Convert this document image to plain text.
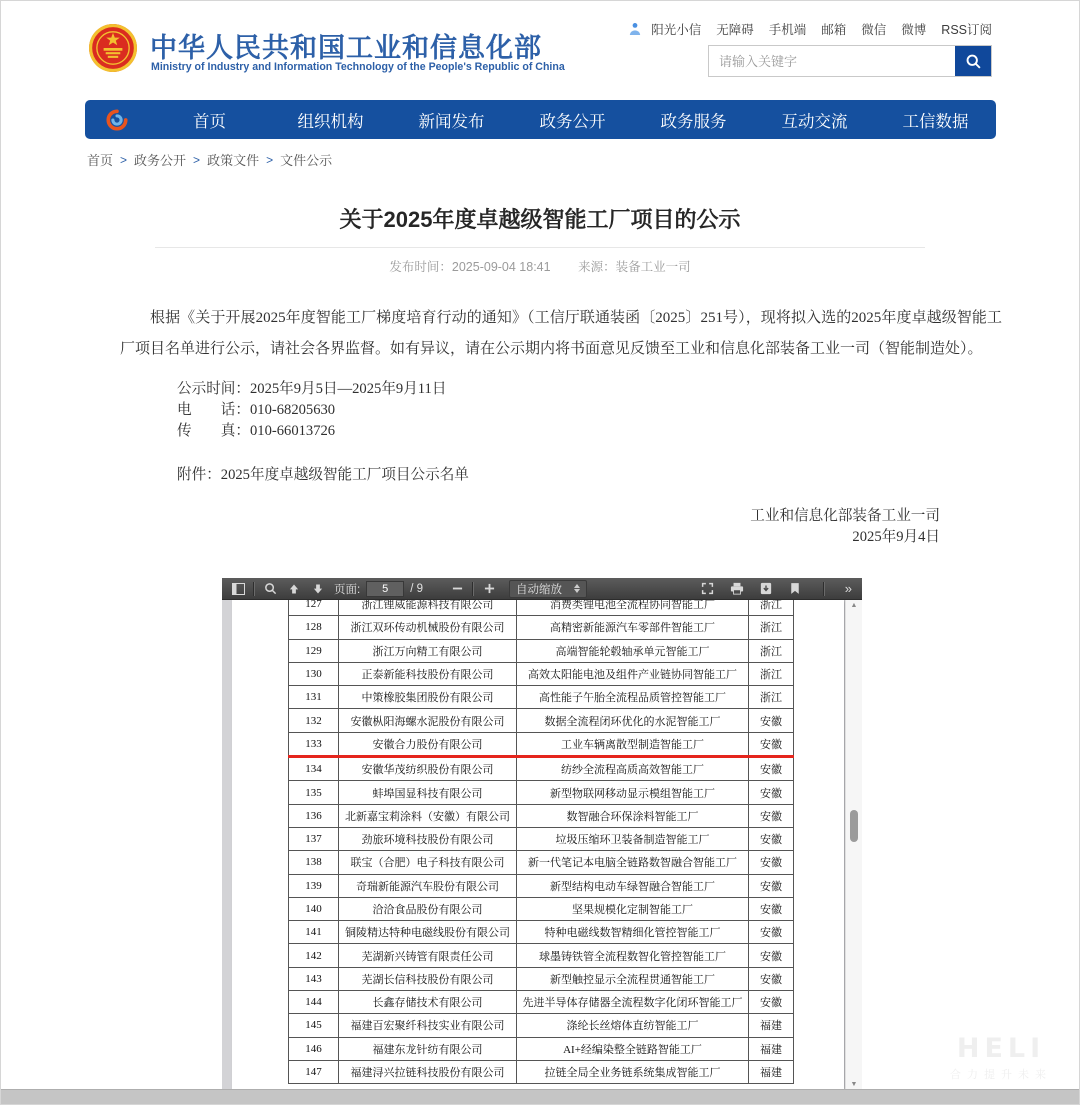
中华人民共和国工业和信息化部
Ministry of Industry and Information Technology of the People's Republic of China
阳光小信 无障碍 手机端 邮箱 微信 微博 RSS订阅
请输入关键字
首页	组织机构	新闻发布	政务公开	政务服务	互动交流	工信数据
首页 > 政务公开 > 政策文件 > 文件公示
关于2025年度卓越级智能工厂项目的公示
发布时间：2025-09-04 18:41 来源：装备工业一司

根据《关于开展2025年度智能工厂梯度培育行动的通知》（工信厅联通装函〔2025〕251号），现将拟入选的2025年度卓越级智能工厂项目名单进行公示，请社会各界监督。如有异议，请在公示期内将书面意见反馈至工业和信息化部装备工业一司（智能制造处）。

公示时间：2025年9月5日—2025年9月11日
电　　话：010-68205630
传　　真：010-66013726
附件：2025年度卓越级智能工厂项目公示名单
工业和信息化部装备工业一司
2025年9月4日
页面:
5	/ 9	自动缩放	»
127	浙江锂威能源科技有限公司	消费类锂电池全流程协同智能工厂	浙江
128	浙江双环传动机械股份有限公司	高精密新能源汽车零部件智能工厂	浙江
129	浙江万向精工有限公司	高端智能轮毂轴承单元智能工厂	浙江
130	正泰新能科技股份有限公司	高效太阳能电池及组件产业链协同智能工厂	浙江
131	中策橡胶集团股份有限公司	高性能子午胎全流程品质管控智能工厂	浙江
132	安徽枞阳海螺水泥股份有限公司	数据全流程闭环优化的水泥智能工厂	安徽
133	安徽合力股份有限公司	工业车辆离散型制造智能工厂	安徽
134	安徽华茂纺织股份有限公司	纺纱全流程高质高效智能工厂	安徽
135	蚌埠国显科技有限公司	新型物联网移动显示模组智能工厂	安徽
136	北新嘉宝莉涂料（安徽）有限公司	数智融合环保涂料智能工厂	安徽
137	劲旅环境科技股份有限公司	垃圾压缩环卫装备制造智能工厂	安徽
138	联宝（合肥）电子科技有限公司	新一代笔记本电脑全链路数智融合智能工厂	安徽
139	奇瑞新能源汽车股份有限公司	新型结构电动车绿智融合智能工厂	安徽
140	洽洽食品股份有限公司	坚果规模化定制智能工厂	安徽
141	铜陵精达特种电磁线股份有限公司	特种电磁线数智精细化管控智能工厂	安徽
142	芜湖新兴铸管有限责任公司	球墨铸铁管全流程数智化管控智能工厂	安徽
143	芜湖长信科技股份有限公司	新型触控显示全流程贯通智能工厂	安徽
144	长鑫存储技术有限公司	先进半导体存储器全流程数字化闭环智能工厂	安徽
145	福建百宏聚纤科技实业有限公司	涤纶长丝熔体直纺智能工厂	福建
146	福建东龙针纺有限公司	AI+经编染整全链路智能工厂	福建
147	福建浔兴拉链科技股份有限公司	拉链全局全业务链系统集成智能工厂	福建
▲
▼
HELI
合力提升未来
